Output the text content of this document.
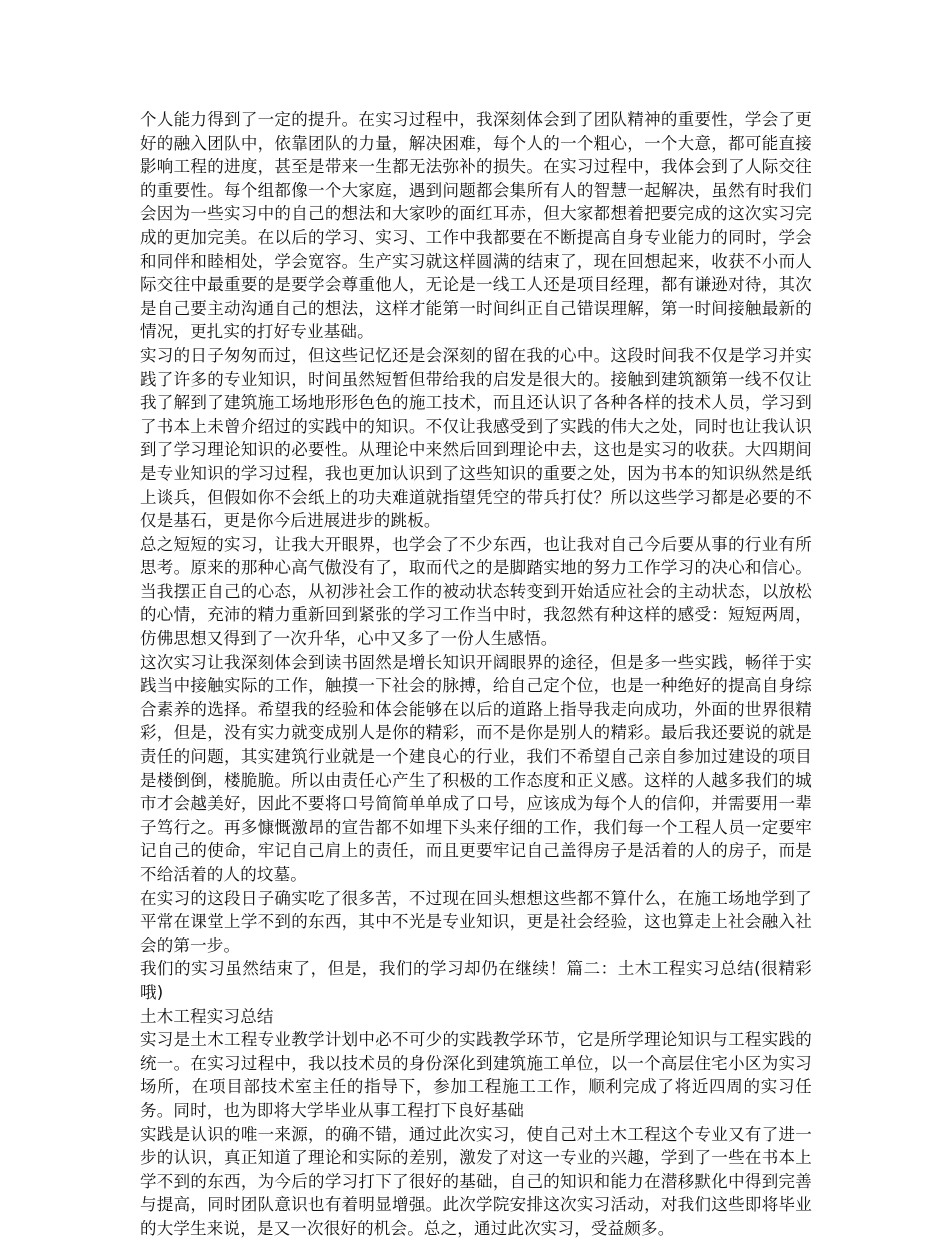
个人能力得到了一定的提升。在实习过程中，我深刻体会到了团队精神的重要性，学会了更好的融入团队中，依靠团队的力量，解决困难，每个人的一个粗心，一个大意，都可能直接影响工程的进度，甚至是带来一生都无法弥补的损失。在实习过程中，我体会到了人际交往的重要性。每个组都像一个大家庭，遇到问题都会集所有人的智慧一起解决，虽然有时我们会因为一些实习中的自己的想法和大家吵的面红耳赤，但大家都想着把要完成的这次实习完成的更加完美。在以后的学习、实习、工作中我都要在不断提高自身专业能力的同时，学会和同伴和睦相处，学会宽容。生产实习就这样圆满的结束了，现在回想起来，收获不小而人际交往中最重要的是要学会尊重他人，无论是一线工人还是项目经理，都有谦逊对待，其次是自己要主动沟通自己的想法，这样才能第一时间纠正自己错误理解，第一时间接触最新的情况，更扎实的打好专业基础。

实习的日子匆匆而过，但这些记忆还是会深刻的留在我的心中。这段时间我不仅是学习并实践了许多的专业知识，时间虽然短暂但带给我的启发是很大的。接触到建筑额第一线不仅让我了解到了建筑施工场地形形色色的施工技术，而且还认识了各种各样的技术人员，学习到了书本上未曾介绍过的实践中的知识。不仅让我感受到了实践的伟大之处，同时也让我认识到了学习理论知识的必要性。从理论中来然后回到理论中去，这也是实习的收获。大四期间是专业知识的学习过程，我也更加认识到了这些知识的重要之处，因为书本的知识纵然是纸上谈兵，但假如你不会纸上的功夫难道就指望凭空的带兵打仗？所以这些学习都是必要的不仅是基石，更是你今后进展进步的跳板。

总之短短的实习，让我大开眼界，也学会了不少东西，也让我对自己今后要从事的行业有所思考。原来的那种心高气傲没有了，取而代之的是脚踏实地的努力工作学习的决心和信心。当我摆正自己的心态，从初涉社会工作的被动状态转变到开始适应社会的主动状态，以放松的心情，充沛的精力重新回到紧张的学习工作当中时，我忽然有种这样的感受：短短两周，仿佛思想又得到了一次升华，心中又多了一份人生感悟。

这次实习让我深刻体会到读书固然是增长知识开阔眼界的途径，但是多一些实践，畅徉于实践当中接触实际的工作，触摸一下社会的脉搏，给自己定个位，也是一种绝好的提高自身综合素养的选择。希望我的经验和体会能够在以后的道路上指导我走向成功，外面的世界很精彩，但是，没有实力就变成别人是你的精彩，而不是你是别人的精彩。最后我还要说的就是责任的问题，其实建筑行业就是一个建良心的行业，我们不希望自己亲自参加过建设的项目是楼倒倒，楼脆脆。所以由责任心产生了积极的工作态度和正义感。这样的人越多我们的城市才会越美好，因此不要将口号简简单单成了口号，应该成为每个人的信仰，并需要用一辈子笃行之。再多慷慨激昂的宣告都不如埋下头来仔细的工作，我们每一个工程人员一定要牢记自己的使命，牢记自己肩上的责任，而且更要牢记自己盖得房子是活着的人的房子，而是不给活着的人的坟墓。

在实习的这段日子确实吃了很多苦，不过现在回头想想这些都不算什么，在施工场地学到了平常在课堂上学不到的东西，其中不光是专业知识，更是社会经验，这也算走上社会融入社会的第一步。

我们的实习虽然结束了，但是，我们的学习却仍在继续！篇二：土木工程实习总结(很精彩哦)

土木工程实习总结

实习是土木工程专业教学计划中必不可少的实践教学环节，它是所学理论知识与工程实践的统一。在实习过程中，我以技术员的身份深化到建筑施工单位，以一个高层住宅小区为实习场所，在项目部技术室主任的指导下，参加工程施工工作，顺利完成了将近四周的实习任务。同时，也为即将大学毕业从事工程打下良好基础

实践是认识的唯一来源，的确不错，通过此次实习，使自己对土木工程这个专业又有了进一步的认识，真正知道了理论和实际的差别，激发了对这一专业的兴趣，学到了一些在书本上学不到的东西，为今后的学习打下了很好的基础，自己的知识和能力在潜移默化中得到完善与提高，同时团队意识也有着明显增强。此次学院安排这次实习活动，对我们这些即将毕业的大学生来说，是又一次很好的机会。总之，通过此次实习，受益颇多。
